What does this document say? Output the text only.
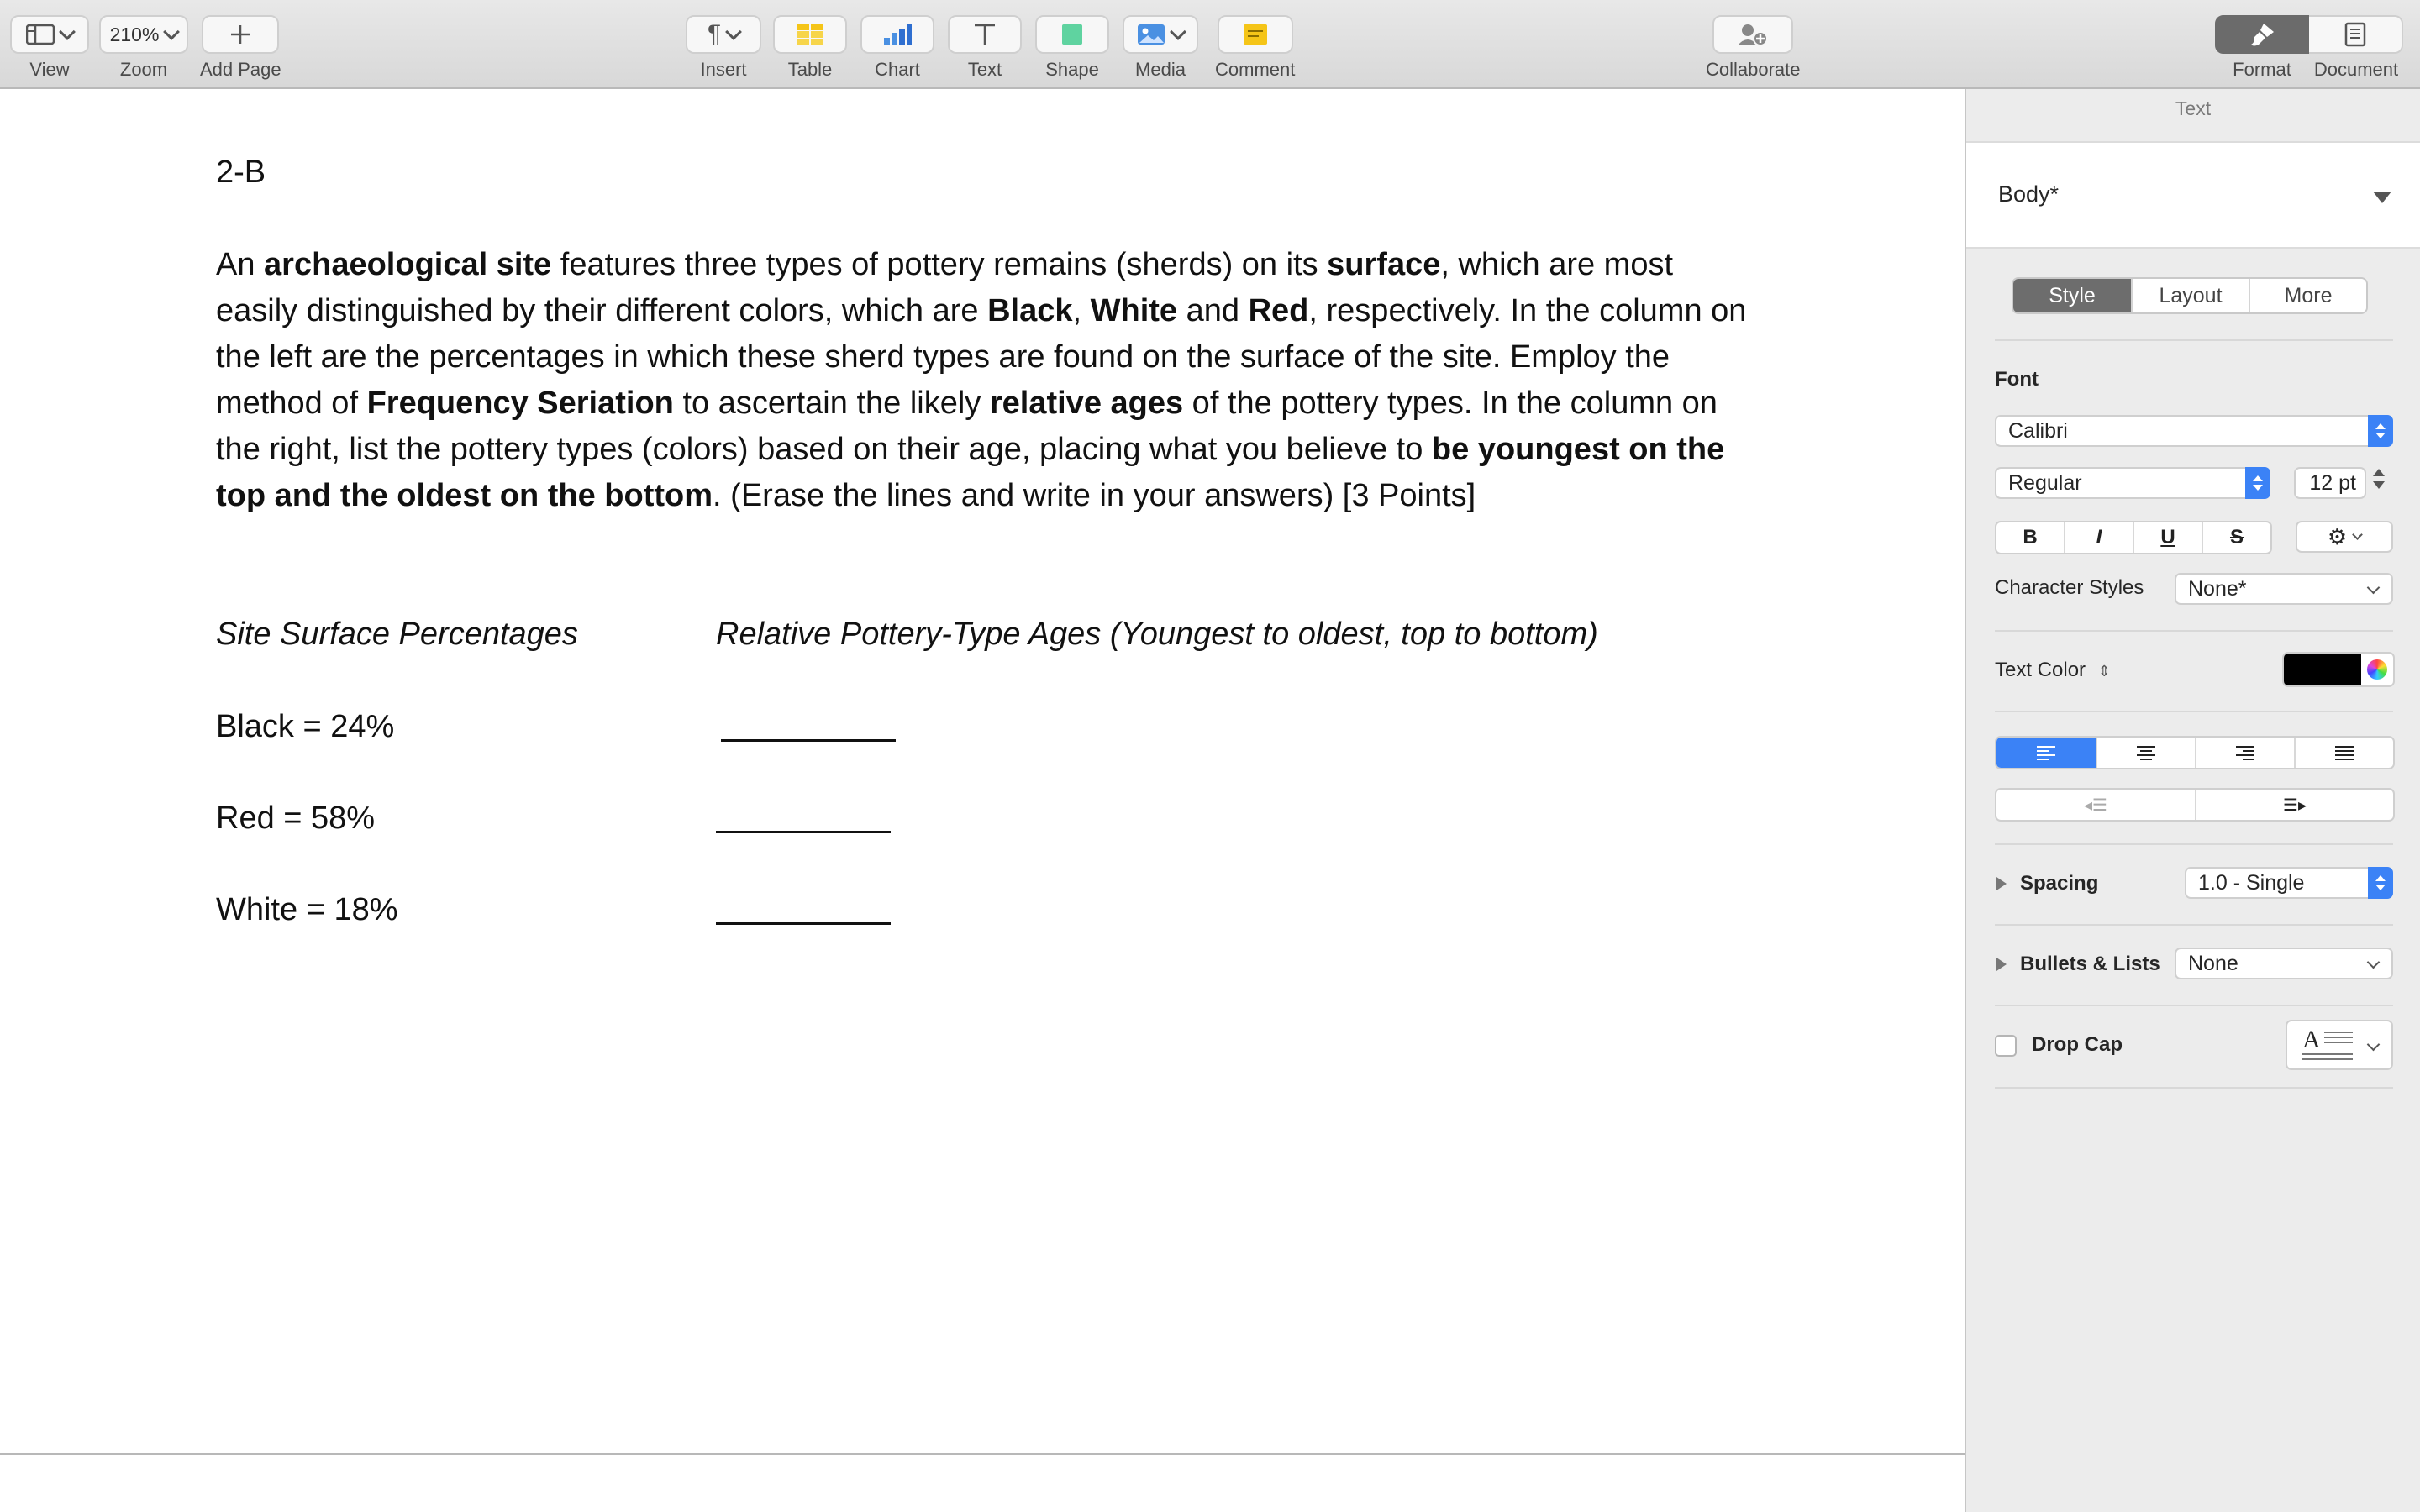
View
210%
Zoom Add Page
¶
Insert Table Chart	Text Shape Media Comment	Collaborate	Format	Document
2-B
An archaeological site features three types of pottery remains (sherds) on its surface, which are most easily distinguished by their different colors, which are Black, White and Red, respectively. In the column on the left are the percentages in which these sherd types are found on the surface of the site. Employ the method of Frequency Seriation to ascertain the likely relative ages of the pottery types. In the column on the right, list the pottery types (colors) based on their age, placing what you believe to be youngest on the top and the oldest on the bottom. (Erase the lines and write in your answers) [3 Points]
Site Surface Percentages	Relative Pottery-Type Ages (Youngest to oldest, top to bottom)
Black = 24%
Red = 58%
White = 18%
Text
Body*
Style	Layout	More
Font
Calibri
Regular	12 pt
B	I	U	S	⚙
Character Styles None*
Text Color ⇕
◂☰	☰▸
Spacing	1.0 - Single
Bullets & Lists None
Drop Cap	A
